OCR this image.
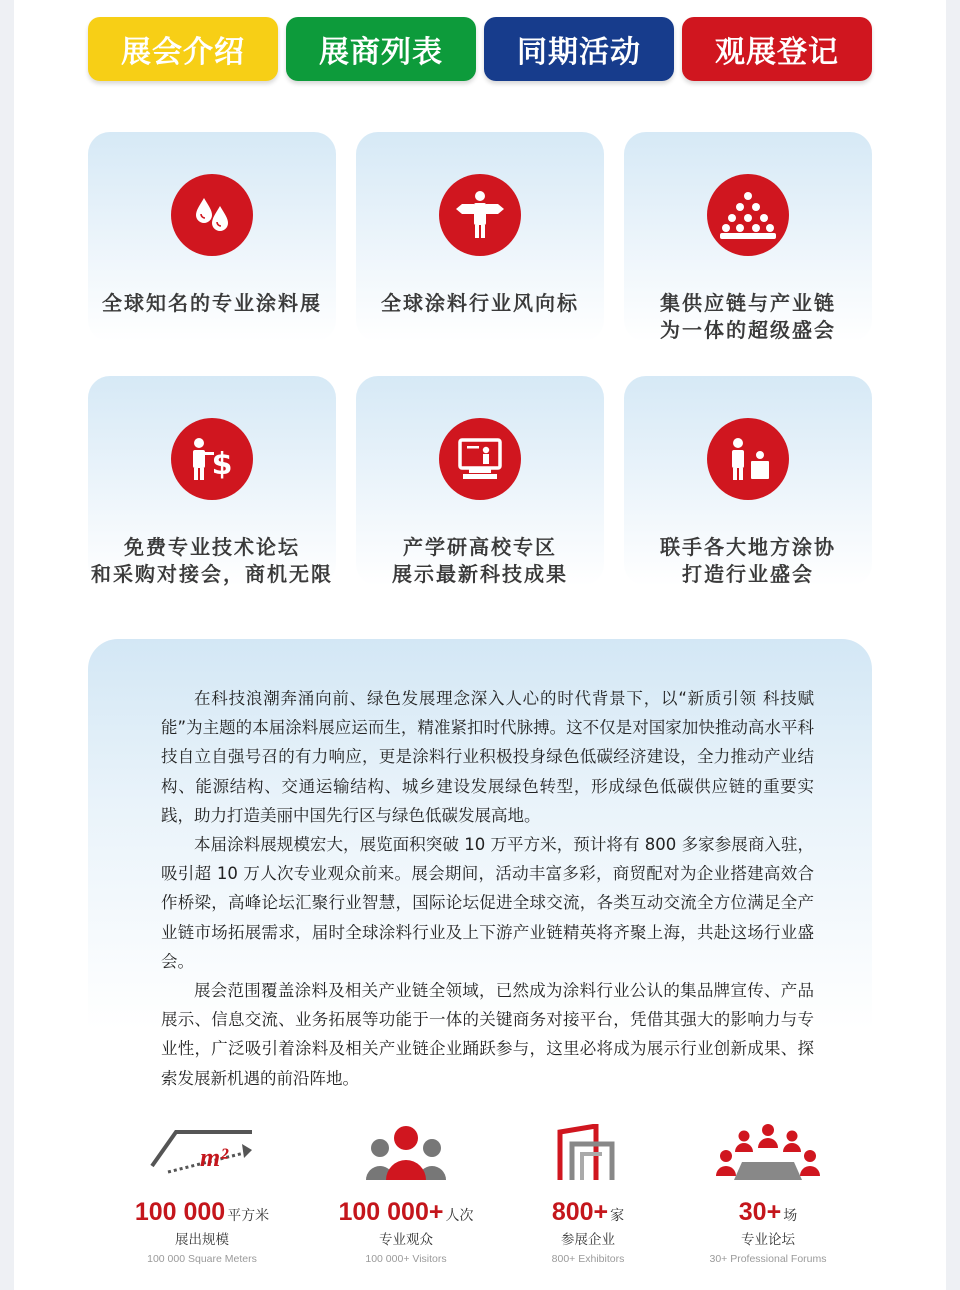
展会介绍	展商列表	同期活动	观展登记
全球知名的专业涂料展	全球涂料行业风向标	集供应链与产业链
为一体的超级盛会
$
免费专业技术论坛
和采购对接会，商机无限
产学研高校专区
展示最新科技成果
联手各大地方涂协
打造行业盛会

在科技浪潮奔涌向前、绿色发展理念深入人心的时代背景下，以“新质引领 科技赋能”为主题的本届涂料展应运而生，精准紧扣时代脉搏。这不仅是对国家加快推动高水平科技自立自强号召的有力响应，更是涂料行业积极投身绿色低碳经济建设，全力推动产业结构、能源结构、交通运输结构、城乡建设发展绿色转型，形成绿色低碳供应链的重要实践，助力打造美丽中国先行区与绿色低碳发展高地。

本届涂料展规模宏大，展览面积突破 10 万平方米，预计将有 800 多家参展商入驻，吸引超 10 万人次专业观众前来。展会期间，活动丰富多彩，商贸配对为企业搭建高效合作桥梁，高峰论坛汇聚行业智慧，国际论坛促进全球交流，各类互动交流全方位满足全产业链市场拓展需求，届时全球涂料行业及上下游产业链精英将齐聚上海，共赴这场行业盛会。

展会范围覆盖涂料及相关产业链全领域，已然成为涂料行业公认的集品牌宣传、产品展示、信息交流、业务拓展等功能于一体的关键商务对接平台，凭借其强大的影响力与专业性，广泛吸引着涂料及相关产业链企业踊跃参与，这里必将成为展示行业创新成果、探索发展新机遇的前沿阵地。

m²
100 000 平方米
展出规模
100 000 Square Meters
100 000+ 人次
专业观众
100 000+ Visitors
800+ 家
参展企业
800+ Exhibitors
30+ 场
专业论坛
30+ Professional Forums
